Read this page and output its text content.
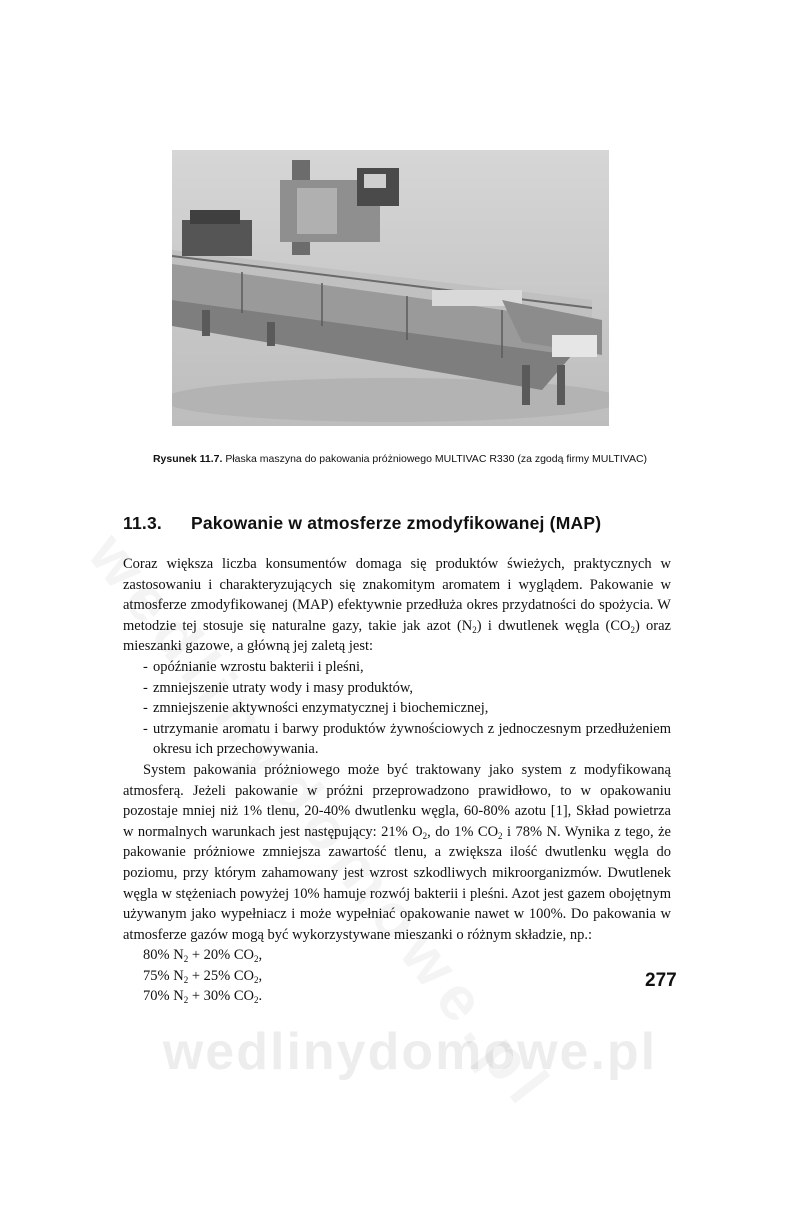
Rysunek 11.7. Płaska maszyna do pakowania próżniowego MULTIVAC R330 (za zgodą firmy MULTIVAC)
11.3. Pakowanie w atmosferze zmodyfikowanej (MAP)

Coraz większa liczba konsumentów domaga się produktów świeżych, praktycznych w zastosowaniu i charakteryzujących się znakomitym aromatem i wyglądem. Pakowanie w atmosferze zmodyfikowanej (MAP) efektywnie przedłuża okres przydatności do spożycia. W metodzie tej stosuje się naturalne gazy, takie jak azot $(N_2)$ i dwutlenek węgla $(CO_2)$ oraz mieszanki gazowe, a główną jej zaletą jest:

- opóźnianie wzrostu bakterii i pleśni,
- zmniejszenie utraty wody i masy produktów,
- zmniejszenie aktywności enzymatycznej i biochemicznej,
- utrzymanie aromatu i barwy produktów żywnościowych z jednoczesnym przedłużeniem okresu ich przechowywania.

System pakowania próżniowego może być traktowany jako system z modyfikowaną atmosferą. Jeżeli pakowanie w próżni przeprowadzono prawidłowo, to w opakowaniu pozostaje mniej niż 1% tlenu, 20-40% dwutlenku węgla, 60-80% azotu [1], Skład powietrza w normalnych warunkach jest następujący: 21% $O_2$, do 1% $CO_2$ i 78% N. Wynika z tego, że pakowanie próżniowe zmniejsza zawartość tlenu, a zwiększa ilość dwutlenku węgla do poziomu, przy którym zahamowany jest wzrost szkodliwych mikroorganizmów. Dwutlenek węgla w stężeniach powyżej 10% hamuje rozwój bakterii i pleśni. Azot jest gazem obojętnym używanym jako wypełniacz i może wypełniać opakowanie nawet w 100%. Do pakowania w atmosferze gazów mogą być wykorzystywane mieszanki o różnym składzie, np.:

80% $N_2 + 20\%$ $CO_2$,
75% $N_2 + 25\%$ $CO_2$,
70% $N_2 + 30\%$ $CO_2$.
277
wedlinydomowe.pl
